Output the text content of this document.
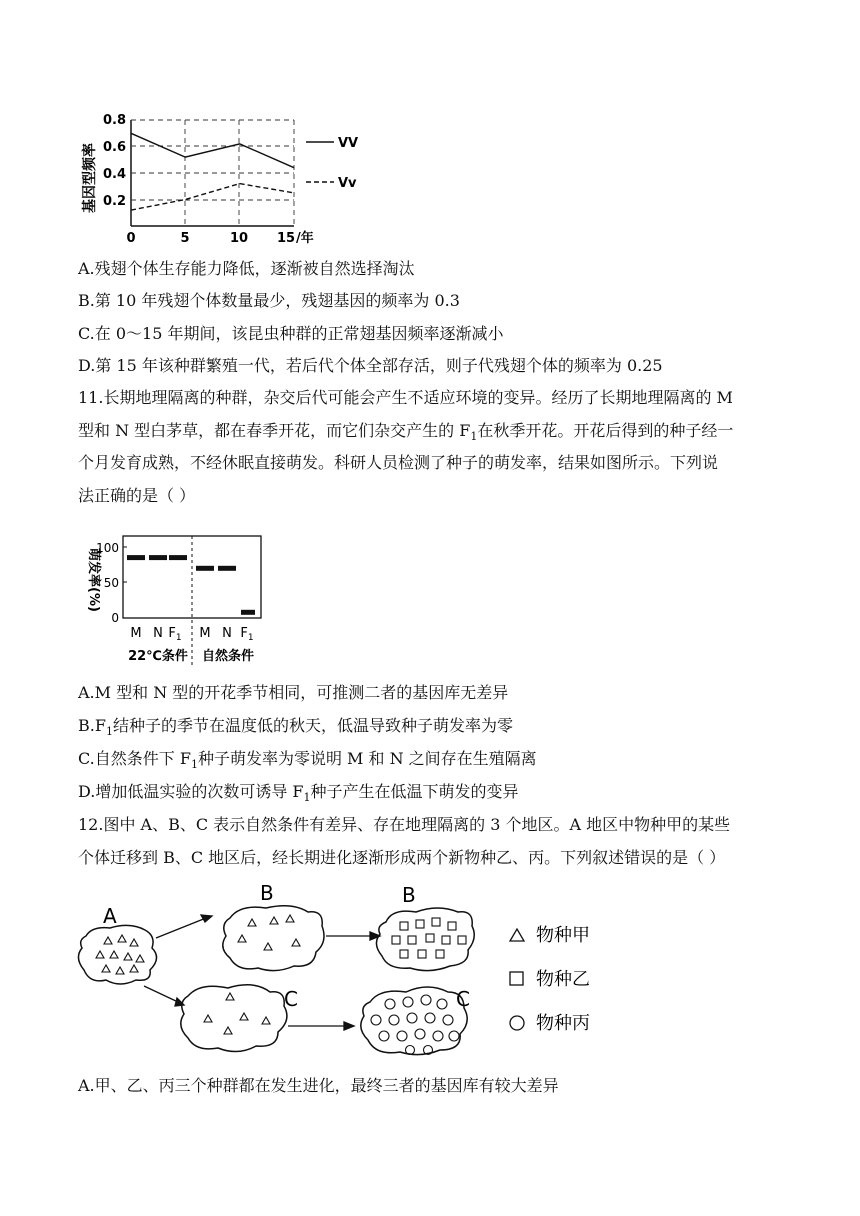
基因型频率
0.8
0.6
0.4
0.2
0	5	10 15 /年
VV
Vv
A.残翅个体生存能力降低，逐渐被自然选择淘汰
B.第 10 年残翅个体数量最少，残翅基因的频率为 0.3
C.在 0～15 年期间，该昆虫种群的正常翅基因频率逐渐减小
D.第 15 年该种群繁殖一代，若后代个体全部存活，则子代残翅个体的频率为 0.25
11.长期地理隔离的种群，杂交后代可能会产生不适应环境的变异。经历了长期地理隔离的 M
型和 N 型白茅草，都在春季开花，而它们杂交产生的 $F_1$在秋季开花。开花后得到的种子经一
个月发育成熟，不经休眠直接萌发。科研人员检测了种子的萌发率，结果如图所示。下列说
法正确的是（ ）
萌发率(%)
100
50
0
M N $F_1$ M N $F_1$
22℃条件 自然条件
A.M 型和 N 型的开花季节相同，可推测二者的基因库无差异
$B.F_1$结种子的季节在温度低的秋天，低温导致种子萌发率为零
C.自然条件下 $F_1$种子萌发率为零说明 M 和 N 之间存在生殖隔离
D.增加低温实验的次数可诱导 $F_1$种子产生在低温下萌发的变异
12.图中 A、B、C 表示自然条件有差异、存在地理隔离的 3 个地区。A 地区中物种甲的某些
个体迁移到 B、C 地区后，经长期进化逐渐形成两个新物种乙、丙。下列叙述错误的是（ ）
A
B	B
C	C
物种甲
物种乙
物种丙
A.甲、乙、丙三个种群都在发生进化，最终三者的基因库有较大差异
